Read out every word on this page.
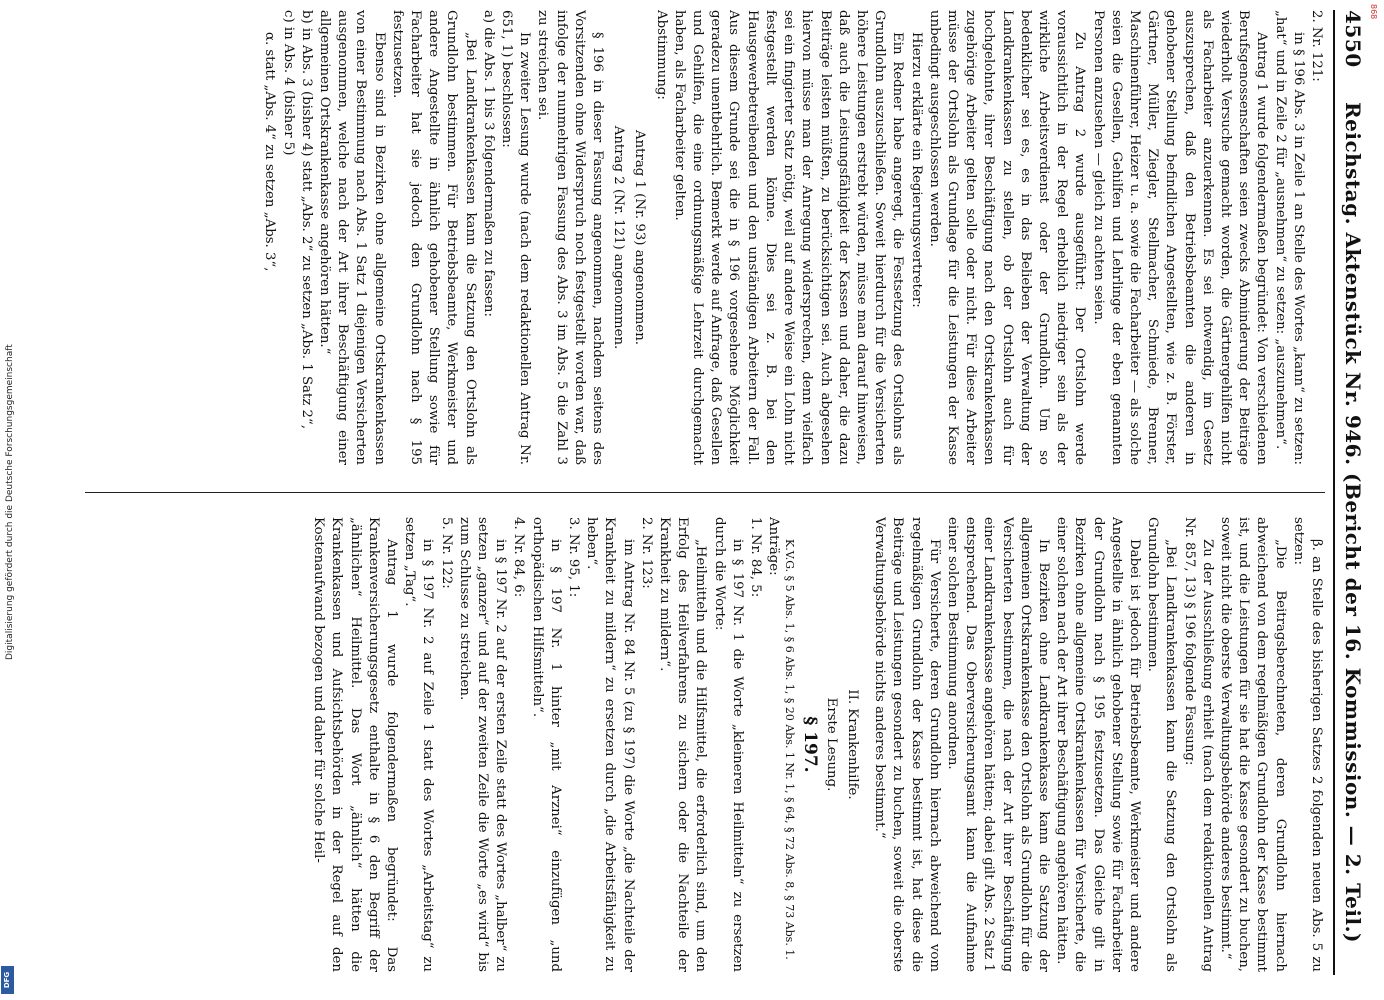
868
4550
Reichstag. Aktenstück Nr. 946. (Bericht der 16. Kommission. — 2. Teil.)

2. Nr. 121:

in § 196 Abs. 3 in Zeile 1 an Stelle des Wortes „kann“ zu setzen: „hat“ und in Zeile 2 für „ausnehmen“ zu setzen: „auszunehmen“.

Antrag 1 wurde folgendermaßen begründet: Von verschiedenen Berufsgenossenschaften seien zwecks Abminderung der Beiträge wiederholt Versuche gemacht worden, die Gärtnergehilfen nicht als Facharbeiter anzuerkennen. Es sei notwendig, im Gesetz auszusprechen, daß den Betriebsbeamten die anderen in gehobener Stellung befindlichen Angestellten, wie z. B. Förster, Gärtner, Müller, Ziegler, Stellmacher, Schmiede, Brenner, Maschinenführer, Heizer u. a. sowie die Facharbeiter — als solche seien die Gesellen, Gehilfen und Lehrlinge der eben genannten Personen anzusehen — gleich zu achten seien.

Zu Antrag 2 wurde ausgeführt: Der Ortslohn werde voraussichtlich in der Regel erheblich niedriger sein als der wirkliche Arbeitsverdienst oder der Grundlohn. Um so bedenklicher sei es, es in das Belieben der Verwaltung der Landkrankenkassen zu stellen, ob der Ortslohn auch für hochgelohnte, ihrer Beschäftigung nach den Ortskrankenkassen zugehörige Arbeiter gelten solle oder nicht. Für diese Arbeiter müsse der Ortslohn als Grundlage für die Leistungen der Kasse unbedingt ausgeschlossen werden.

Hierzu erklärte ein Regierungsvertreter:

Ein Redner habe angeregt, die Festsetzung des Ortslohns als Grundlohn auszuschließen. Soweit hierdurch für die Versicherten höhere Leistungen erstrebt würden, müsse man darauf hinweisen, daß auch die Leistungsfähigkeit der Kassen und daher, die dazu Beiträge leisten müßten, zu berücksichtigen sei. Auch abgesehen hiervon müsse man der Anregung widersprechen, denn vielfach sei ein fingierter Satz nötig, weil auf andere Weise ein Lohn nicht festgestellt werden könne. Dies sei z. B. bei den Hausgewerbetreibenden und den unständigen Arbeitern der Fall. Aus diesem Grunde sei die in § 196 vorgesehene Möglichkeit geradezu unentbehrlich. Bemerkt werde auf Anfrage, daß Gesellen und Gehilfen, die eine ordnungsmäßige Lehrzeit durchgemacht haben, als Facharbeiter gelten.

Abstimmung:

Antrag 1 (Nr. 93) angenommen.

Antrag 2 (Nr. 121) angenommen.

§ 196 in dieser Fassung angenommen, nachdem seitens des Vorsitzenden ohne Widerspruch noch festgestellt worden war, daß infolge der nunmehrigen Fassung des Abs. 3 im Abs. 5 die Zahl 3 zu streichen sei.

In zweiter Lesung wurde (nach dem redaktionellen Antrag Nr. 651, 1) beschlossen:

a) die Abs. 1 bis 3 folgendermaßen zu fassen:

„Bei Landkrankenkassen kann die Satzung den Ortslohn als Grundlohn bestimmen. Für Betriebsbeamte, Werkmeister und andere Angestellte in ähnlich gehobener Stellung sowie für Facharbeiter hat sie jedoch den Grundlohn nach § 195 festzusetzen.

Ebenso sind in Bezirken ohne allgemeine Ortskrankenkassen von einer Bestimmung nach Abs. 1 Satz 1 diejenigen Versicherten ausgenommen, welche nach der Art ihrer Beschäftigung einer allgemeinen Ortskrankenkasse angehören hätten.“

b) in Abs. 3 (bisher 4) statt „Abs. 2“ zu setzen „Abs. 1 Satz 2“,

c) in Abs. 4 (bisher 5)

α. statt „Abs. 4“ zu setzen „Abs. 3“,

β. an Stelle des bisherigen Satzes 2 folgenden neuen Abs. 5 zu setzen:

„Die Beitragsberechneten, deren Grundlohn hiernach abweichend von dem regelmäßigen Grundlohn der Kasse bestimmt ist, und die Leistungen für sie hat die Kasse gesondert zu buchen, soweit nicht die oberste Verwaltungsbehörde anderes bestimmt.“

Zu der Ausschließung erhielt (nach dem redaktionellen Antrag Nr. 857, 13) § 196 folgende Fassung:

„Bei Landkrankenkassen kann die Satzung den Ortslohn als Grundlohn bestimmen.

Dabei ist jedoch für Betriebsbeamte, Werkmeister und andere Angestellte in ähnlich gehobener Stellung sowie für Facharbeiter der Grundlohn nach § 195 festzusetzen. Das Gleiche gilt in Bezirken ohne allgemeine Ortskrankenkassen für Versicherte, die einer solchen nach der Art ihrer Beschäftigung angehören hätten.

In Bezirken ohne Landkrankenkasse kann die Satzung der allgemeinen Ortskrankenkasse den Ortslohn als Grundlohn für die Versicherten bestimmen, die nach der Art ihrer Beschäftigung einer Landkrankenkasse angehören hätten; dabei gilt Abs. 2 Satz 1 entsprechend. Das Oberversicherungsamt kann die Aufnahme einer solchen Bestimmung anordnen.

Für Versicherte, deren Grundlohn hiernach abweichend vom regelmäßigen Grundlohn der Kasse bestimmt ist, hat diese die Beiträge und Leistungen gesondert zu buchen, soweit die oberste Verwaltungsbehörde nichts anderes bestimmt.“

II. Krankenhilfe.

Erste Lesung.

§ 197.

K.V.G. § 5 Abs. 1, § 6 Abs. 1, § 20 Abs. 1 Nr. 1, § 64, § 72 Abs. 8, § 73 Abs. 1.

Anträge:

1. Nr. 84, 5:

in § 197 Nr. 1 die Worte „kleineren Heilmitteln“ zu ersetzen durch die Worte:

„Heilmitteln und die Hilfsmittel, die erforderlich sind, um den Erfolg des Heilverfahrens zu sichern oder die Nachteile der Krankheit zu mildern“.

2. Nr. 123:

im Antrag Nr. 84 Nr. 5 (zu § 197) die Worte „die Nachteile der Krankheit zu mildern“ zu ersetzen durch „die Arbeitsfähigkeit zu heben“.

3. Nr. 95, 1:

in § 197 Nr. 1 hinter „mit Arznei“ einzufügen „und orthopädischen Hilfsmitteln“.

4. Nr. 84, 6:

in § 197 Nr. 2 auf der ersten Zeile statt des Wortes „halber“ zu setzen „ganzer“ und auf der zweiten Zeile die Worte „es wird“ bis zum Schlusse zu streichen.

5. Nr. 122:

in § 197 Nr. 2 auf Zeile 1 statt des Wortes „Arbeitstag“ zu setzen „Tag“.

Antrag 1 wurde folgendermaßen begründet: Das Krankenversicherungsgesetz enthalte in § 6 den Begriff der „ähnlichen“ Heilmittel. Das Wort „ähnlich“ hätten die Krankenkassen und Aufsichtsbehörden in der Regel auf den Kostenaufwand bezogen und daher für solche Heil-

Digitalisierung gefördert durch die Deutsche Forschungsgemeinschaft
DFG
